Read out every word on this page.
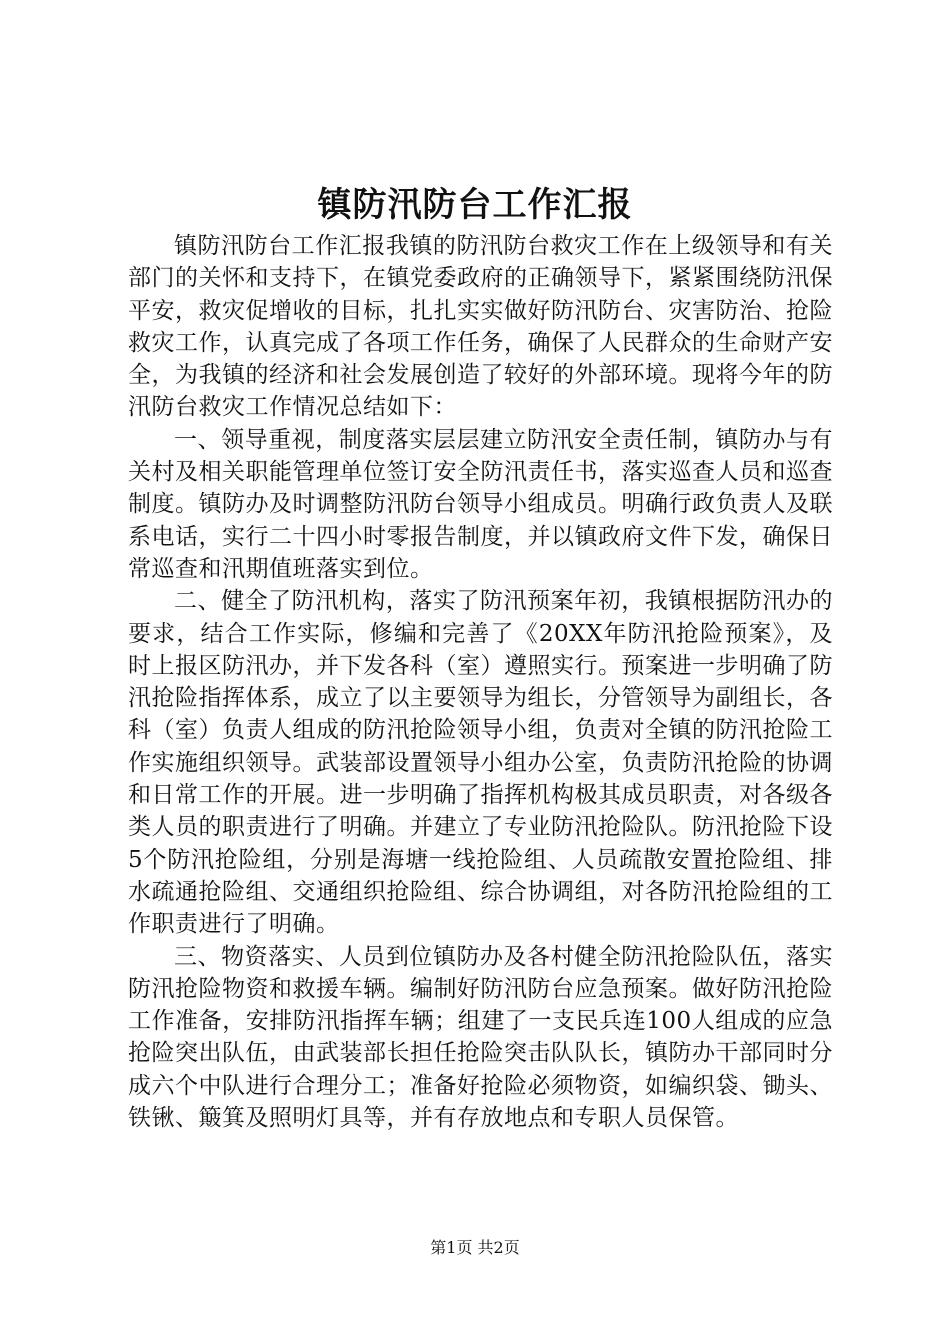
镇防汛防台工作汇报

镇防汛防台工作汇报我镇的防汛防台救灾工作在上级领导和有关部门的关怀和支持下，在镇党委政府的正确领导下，紧紧围绕防汛保平安，救灾促增收的目标，扎扎实实做好防汛防台、灾害防治、抢险救灾工作，认真完成了各项工作任务，确保了人民群众的生命财产安全，为我镇的经济和社会发展创造了较好的外部环境。现将今年的防汛防台救灾工作情况总结如下：

一、领导重视，制度落实层层建立防汛安全责任制，镇防办与有关村及相关职能管理单位签订安全防汛责任书，落实巡查人员和巡查制度。镇防办及时调整防汛防台领导小组成员。明确行政负责人及联系电话，实行二十四小时零报告制度，并以镇政府文件下发，确保日常巡查和汛期值班落实到位。

二、健全了防汛机构，落实了防汛预案年初，我镇根据防汛办的要求，结合工作实际，修编和完善了《20XX年防汛抢险预案》，及时上报区防汛办，并下发各科（室）遵照实行。预案进一步明确了防汛抢险指挥体系，成立了以主要领导为组长，分管领导为副组长，各科（室）负责人组成的防汛抢险领导小组，负责对全镇的防汛抢险工作实施组织领导。武装部设置领导小组办公室，负责防汛抢险的协调和日常工作的开展。进一步明确了指挥机构极其成员职责，对各级各类人员的职责进行了明确。并建立了专业防汛抢险队。防汛抢险下设5个防汛抢险组，分别是海塘一线抢险组、人员疏散安置抢险组、排水疏通抢险组、交通组织抢险组、综合协调组，对各防汛抢险组的工作职责进行了明确。

三、物资落实、人员到位镇防办及各村健全防汛抢险队伍，落实防汛抢险物资和救援车辆。编制好防汛防台应急预案。做好防汛抢险工作准备，安排防汛指挥车辆；组建了一支民兵连100人组成的应急抢险突出队伍，由武装部长担任抢险突击队队长，镇防办干部同时分成六个中队进行合理分工；准备好抢险必须物资，如编织袋、锄头、铁锹、簸箕及照明灯具等，并有存放地点和专职人员保管。

第1页 共2页
